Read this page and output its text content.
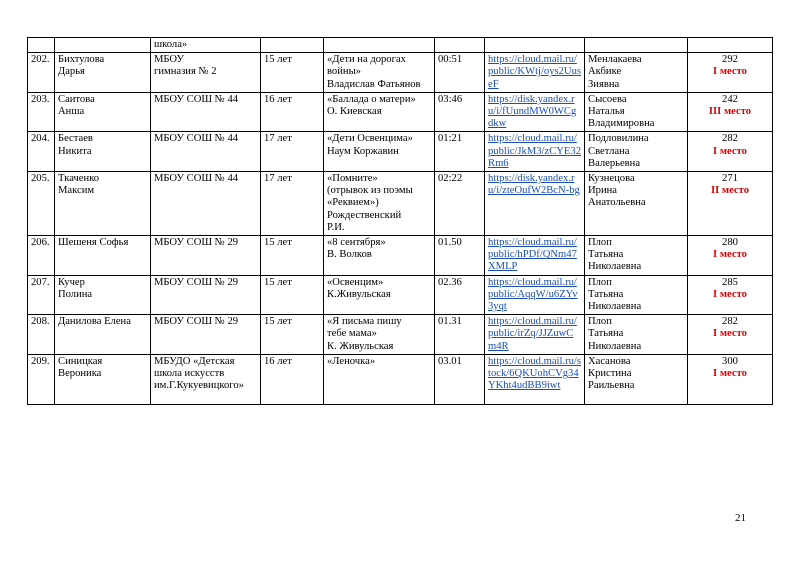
		школа»						
202.	Бихтулова
Дарья	МБОУ
гимназия № 2	15 лет	«Дети на дорогах
войны»
Владислав Фатьянов	00:51	https://cloud.mail.ru/public/KWtj/oys2UuseF	Менлакаева
Акбике
Зиявна	292
I место

203.	Саитова
Анша	МБОУ СОШ № 44	16 лет	«Баллада о матери»
О. Киевская	03:46	https://disk.yandex.ru/i/fUundMW0WCgdkw	Сысоева
Наталья
Владимировна	242
III место

204.	Бестаев
Никита	МБОУ СОШ № 44	17 лет	«Дети Освенцима»
Наум Коржавин	01:21	https://cloud.mail.ru/public/JkM3/zCYE32Rm6	Подловилина
Светлана
Валерьевна	282
I место

205.	Ткаченко
Максим	МБОУ СОШ № 44	17 лет	«Помните»
(отрывок из поэмы
«Реквием»)
Рождественский
Р.И.	02:22	https://disk.yandex.ru/i/zteOufW2BcN-bg	Кузнецова
Ирина
Анатольевна	271
II место

206.	Шешеня Софья	МБОУ СОШ № 29	15 лет	«8 сентября»
В. Волков	01.50	https://cloud.mail.ru/public/hPDf/QNm47XMLP	Плоп
Татьяна
Николаевна	280
I место

207.	Кучер
Полина	МБОУ СОШ № 29	15 лет	«Освенцим»
К.Живульская	02.36	https://cloud.mail.ru/public/AqqW/u6ZYv3yqt	Плоп
Татьяна
Николаевна	285
I место

208.	Данилова Елена	МБОУ СОШ № 29	15 лет	«Я письма пишу
тебе мама»
К. Живульская	01.31	https://cloud.mail.ru/public/irZq/JJZuwCm4R	Плоп
Татьяна
Николаевна	282
I место

209.	Синицкая
Вероника	МБУДО «Детская
школа искусств
им.Г.Кукуевицкого»	16 лет	«Леночка»	03.01	https://cloud.mail.ru/stock/6QKUohCVg34YKht4udBB9iwt	Хасанова
Кристина
Раильевна	300
I место
21
